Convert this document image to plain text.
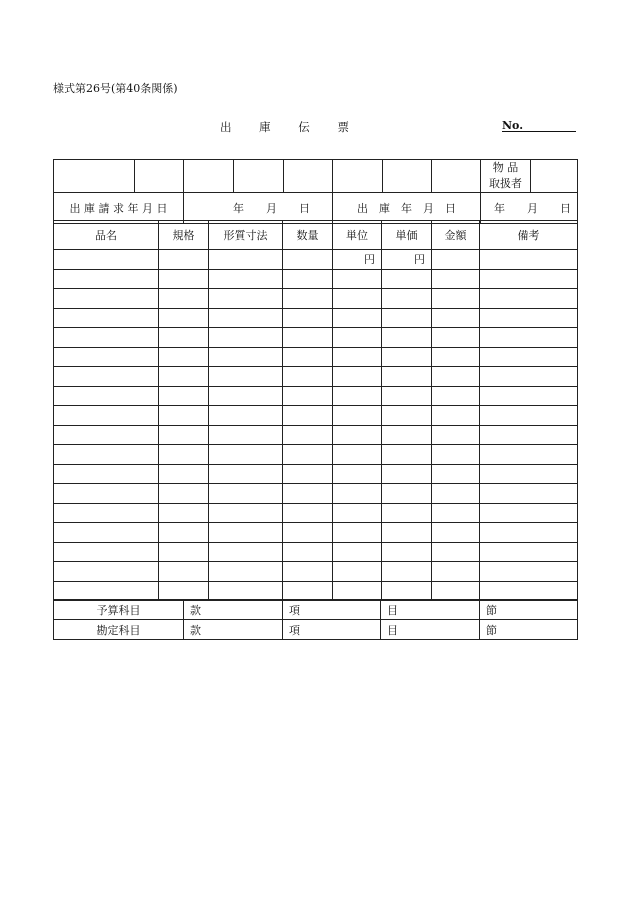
様式第26号(第40条関係)
出 庫 伝 票	No.

								物 品
取扱者	

出 庫 請 求 年 月 日		年　　月　　日			出　庫　年　月　日			年　　月　　日	
品名	規格	形質寸法	数量	単位	単価	金額	備考
				円	円		

予算科目	款	項	目	節
勘定科目	款	項	目	節
